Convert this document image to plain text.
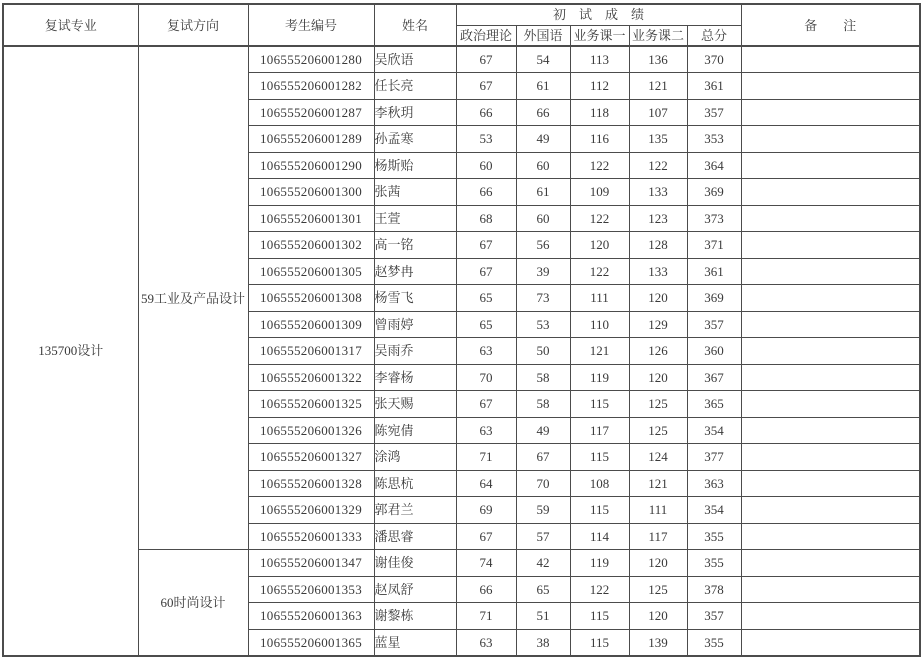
复试专业	复试方向	考生编号	姓名	初　试　成　绩					备　　注
				政治理论	外国语	业务课一	业务课二	总分	
135700设计	59工业及产品设计	106555206001280	吴欣语	67	54	113	136	370	
		106555206001282	任长亮	67	61	112	121	361	
		106555206001287	李秋玥	66	66	118	107	357	
		106555206001289	孙孟寒	53	49	116	135	353	
		106555206001290	杨斯贻	60	60	122	122	364	
		106555206001300	张茜	66	61	109	133	369	
		106555206001301	王萱	68	60	122	123	373	
		106555206001302	高一铭	67	56	120	128	371	
		106555206001305	赵梦冉	67	39	122	133	361	
		106555206001308	杨雪飞	65	73	111	120	369	
		106555206001309	曾雨婷	65	53	110	129	357	
		106555206001317	吴雨乔	63	50	121	126	360	
		106555206001322	李睿杨	70	58	119	120	367	
		106555206001325	张天赐	67	58	115	125	365	
		106555206001326	陈宛倩	63	49	117	125	354	
		106555206001327	涂鸿	71	67	115	124	377	
		106555206001328	陈思杭	64	70	108	121	363	
		106555206001329	郭君兰	69	59	115	111	354	
		106555206001333	潘思睿	67	57	114	117	355	
	60时尚设计	106555206001347	谢佳俊	74	42	119	120	355	
		106555206001353	赵凤舒	66	65	122	125	378	
		106555206001363	谢黎栋	71	51	115	120	357	
		106555206001365	蓝星	63	38	115	139	355	
